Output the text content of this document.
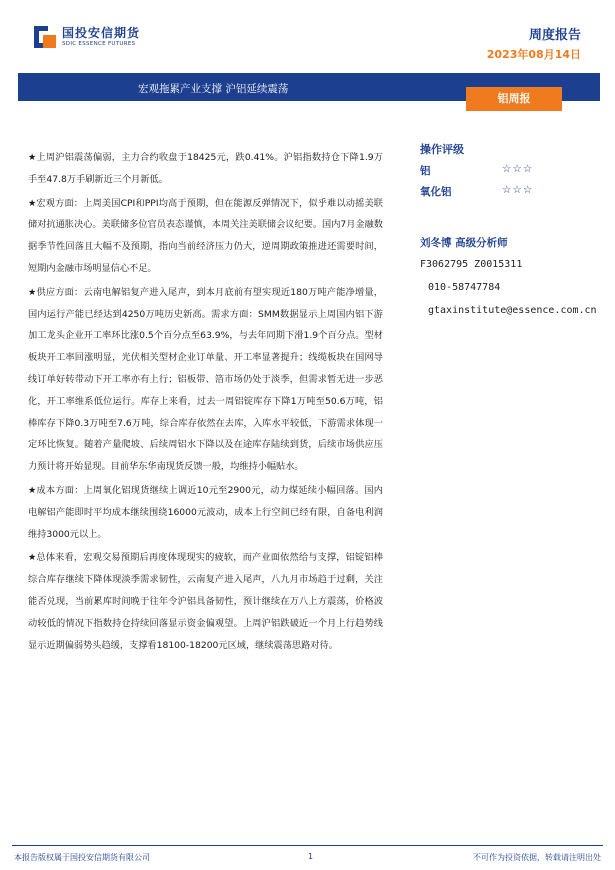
国投安信期货
SDIC ESSENCE FUTURES
周度报告
2023年08月14日
宏观拖累产业支撑 沪铝延续震荡
铝周报

★上周沪铝震荡偏弱，主力合约收盘于18425元，跌0.41%。沪铝指数持仓下降1.9万手至47.8万手刷新近三个月新低。

★宏观方面：上周美国CPI和PPI均高于预期，但在能源反弹情况下，似乎难以动摇美联储对抗通胀决心。美联储多位官员表态谨慎，本周关注美联储会议纪要。国内7月金融数据季节性回落且大幅不及预期，指向当前经济压力仍大，逆周期政策推进还需要时间，短期内金融市场明显信心不足。

★供应方面：云南电解铝复产进入尾声，到本月底前有望实现近180万吨产能净增量，国内运行产能已经达到4250万吨历史新高。需求方面：SMM数据显示上周国内铝下游加工龙头企业开工率环比涨0.5个百分点至63.9%，与去年同期下滑1.9个百分点。型材板块开工率回涨明显，光伏相关型材企业订单量、开工率显著提升；线缆板块在国网导线订单好转带动下开工率亦有上行；铝板带、箔市场仍处于淡季，但需求暂无进一步恶化，开工率维系低位运行。库存上来看，过去一周铝锭库存下降1万吨至50.6万吨，铝棒库存下降0.3万吨至7.6万吨，综合库存依然在去库，入库水平较低，下游需求体现一定环比恢复。随着产量爬坡、后续周铝水下降以及在途库存陆续到货，后续市场供应压力预计将开始显现。目前华东华南现货反馈一般，均维持小幅贴水。

★成本方面：上周氧化铝现货继续上调近10元至2900元，动力煤延续小幅回落。国内电解铝产能即时平均成本继续围绕16000元波动，成本上行空间已经有限，自备电利润维持3000元以上。

★总体来看，宏观交易预期后再度体现现实的疲软，而产业面依然给与支撑，铝锭铝棒综合库存继续下降体现淡季需求韧性，云南复产进入尾声，八九月市场趋于过剩，关注能否兑现，当前累库时间晚于往年令沪铝具备韧性，预计继续在万八上方震荡，价格波动较低的情况下指数持仓持续回落显示资金偏观望。上周沪铝跌破近一个月上行趋势线显示近期偏弱势头趋缓，支撑看18100-18200元区域，继续震荡思路对待。

操作评级
铝	☆☆☆
氧化铝	☆☆☆
刘冬博 高级分析师
F3062795 Z0015311
010-58747784
gtaxinstitute@essence.com.cn
本报告版权属于国投安信期货有限公司	1	不可作为投资依据，转载请注明出处
